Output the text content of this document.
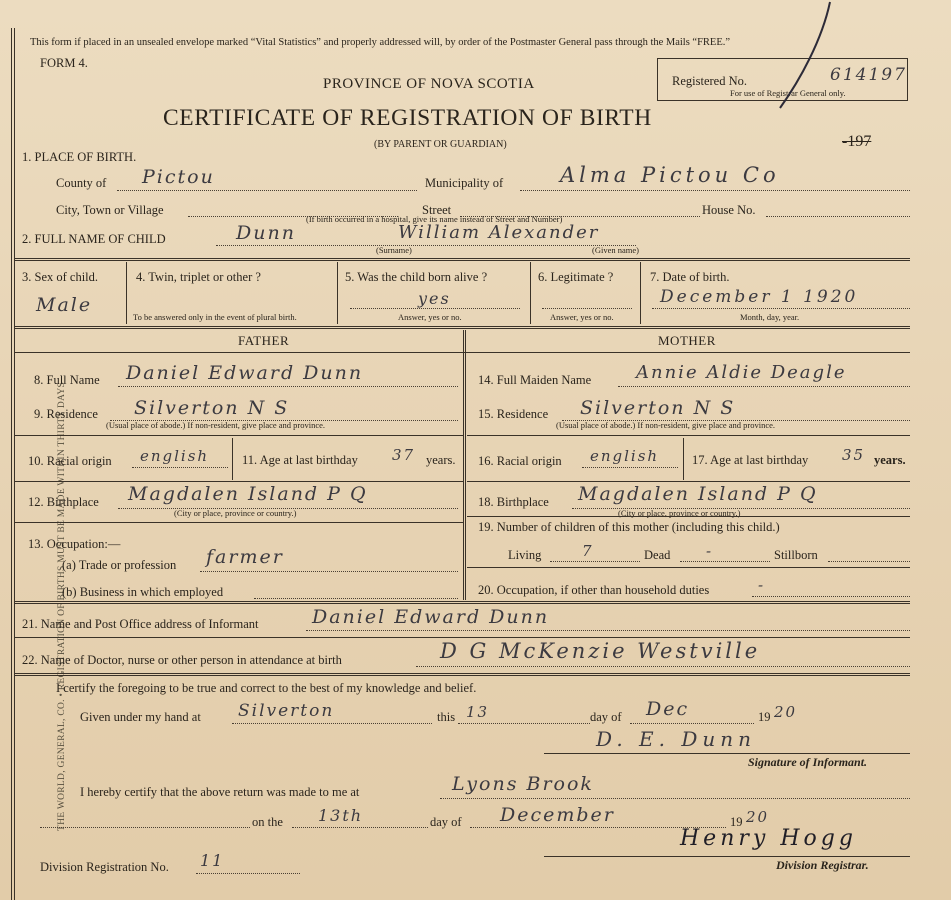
THE WORLD, GENERAL, CO. • REGISTRATION OF BIRTHS MUST BE MADE WITHIN THIRTY DAYS
This form if placed in an unsealed envelope marked “Vital Statistics” and properly addressed will, by order of the Postmaster General pass through the Mails “FREE.”
FORM 4.
PROVINCE OF NOVA SCOTIA
CERTIFICATE OF REGISTRATION OF BIRTH
(BY PARENT OR GUARDIAN)
Registered No.	614197
For use of Registrar General only.
-197
1. PLACE OF BIRTH.
County of Pictou	Municipality of	Alma Pictou Co
City, Town or Village	Street	House No.
(If birth occurred in a hospital, give its name instead of Street and Number)
2. FULL NAME OF CHILD	Dunn	William Alexander
(Surname)	(Given name)
3. Sex of child.
Male
4. Twin, triplet or other ?
To be answered only in the event of plural birth.
5. Was the child born alive ?
yes
Answer, yes or no.
6. Legitimate ?
Answer, yes or no.
7. Date of birth.
December 1 1920
Month, day, year.
FATHER	MOTHER
8. Full Name Daniel Edward Dunn
9. Residence Silverton N S
(Usual place of abode.) If non-resident, give place and province.
10. Racial origin english	11. Age at last birthday 37 years.
12. Birthplace Magdalen Island P Q
(City or place, province or country.)
13. Occupation:—
(a) Trade or profession farmer
(b) Business in which employed
14. Full Maiden Name Annie Aldie Deagle
15. Residence Silverton N S
(Usual place of abode.) If non-resident, give place and province.
16. Racial origin english	17. Age at last birthday 35 years.
18. Birthplace Magdalen Island P Q
(City or place, province or country.)
19. Number of children of this mother (including this child.)
Living	7	Dead -	Stillborn
20. Occupation, if other than household duties	-
21. Name and Post Office address of Informant	Daniel Edward Dunn
22. Name of Doctor, nurse or other person in attendance at birth	D G McKenzie Westville
I certify the foregoing to be true and correct to the best of my knowledge and belief.
Given under my hand at Silverton	this 13	day of Dec	19 20
D. E. Dunn
Signature of Informant.
I hereby certify that the above return was made to me at	Lyons Brook
on the 13th	day of December	19 20
Division Registration No. 11
Henry Hogg
Division Registrar.
